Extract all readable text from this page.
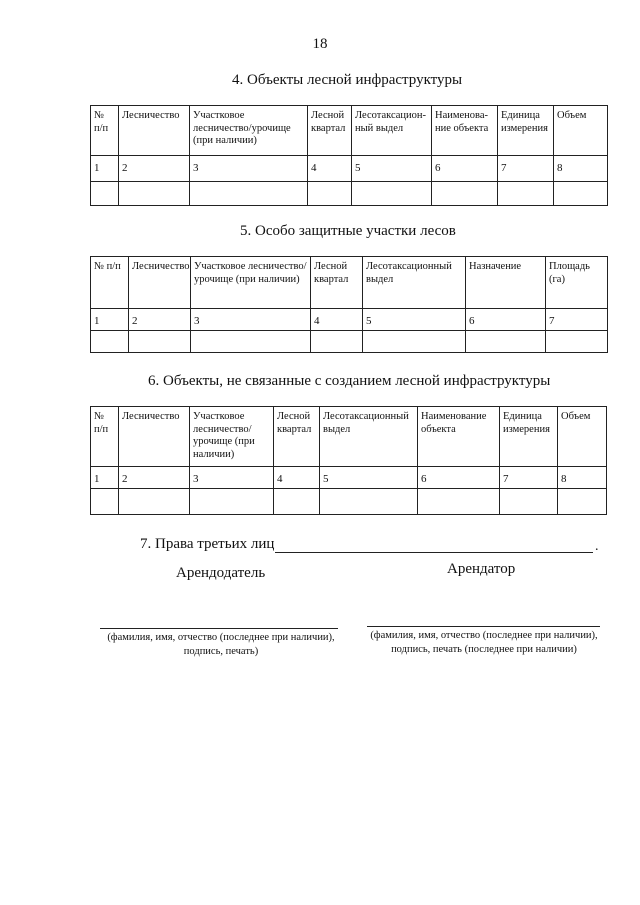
18
4. Объекты лесной инфраструктуры
№ п/п	Лесничество	Участковое лесничество/урочище (при наличии)	Лесной квартал	Лесотаксацион-ный выдел	Наименова-ние объекта	Единица измерения	Объем
1	2	3	4	5	6	7	8

5. Особо защитные участки лесов
№ п/п	Лесничество	Участковое лесничество/урочище (при наличии)	Лесной квартал	Лесотаксационный выдел	Назначение	Площадь (га)
1	2	3	4	5	6	7

6. Объекты, не связанные с созданием лесной инфраструктуры
№ п/п	Лесничество	Участковое лесничество/ урочище (при наличии)	Лесной квартал	Лесотаксационный выдел	Наименование объекта	Единица измерения	Объем
1	2	3	4	5	6	7	8

7. Права третьих лиц	.
Арендодатель	Арендатор
(фамилия, имя, отчество (последнее при наличии), подпись, печать)
(фамилия, имя, отчество (последнее при наличии), подпись, печать (последнее при наличии)
